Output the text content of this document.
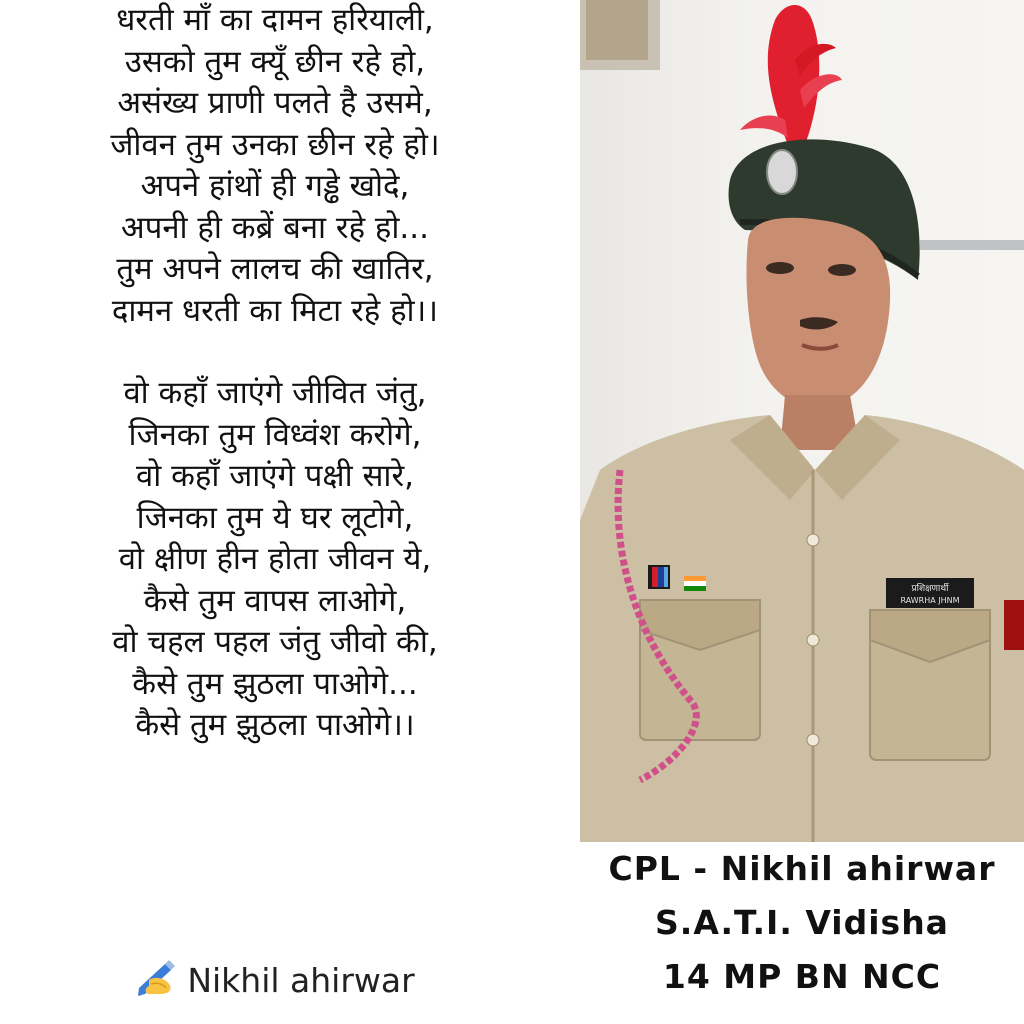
धरती माँ का दामन हरियाली,
उसको तुम क्यूँ छीन रहे हो,
असंख्य प्राणी पलते है उसमे,
जीवन तुम उनका छीन रहे हो।
अपने हांथों ही गड्ढे खोदे,
अपनी ही कब्रें बना रहे हो...
तुम अपने लालच की खातिर,
दामन धरती का मिटा रहे हो।।
वो कहाँ जाएंगे जीवित जंतु,
जिनका तुम विध्वंश करोगे,
वो कहाँ जाएंगे पक्षी सारे,
जिनका तुम ये घर लूटोगे,
वो क्षीण हीन होता जीवन ये,
कैसे तुम वापस लाओगे,
वो चहल पहल जंतु जीवो की,
कैसे तुम झुठला पाओगे...
कैसे तुम झुठला पाओगे।।
Nikhil ahirwar
प्रशिक्षणार्थी
RAWRHA JHNM
CPL - Nikhil ahirwar
S.A.T.I. Vidisha
14 MP BN NCC
